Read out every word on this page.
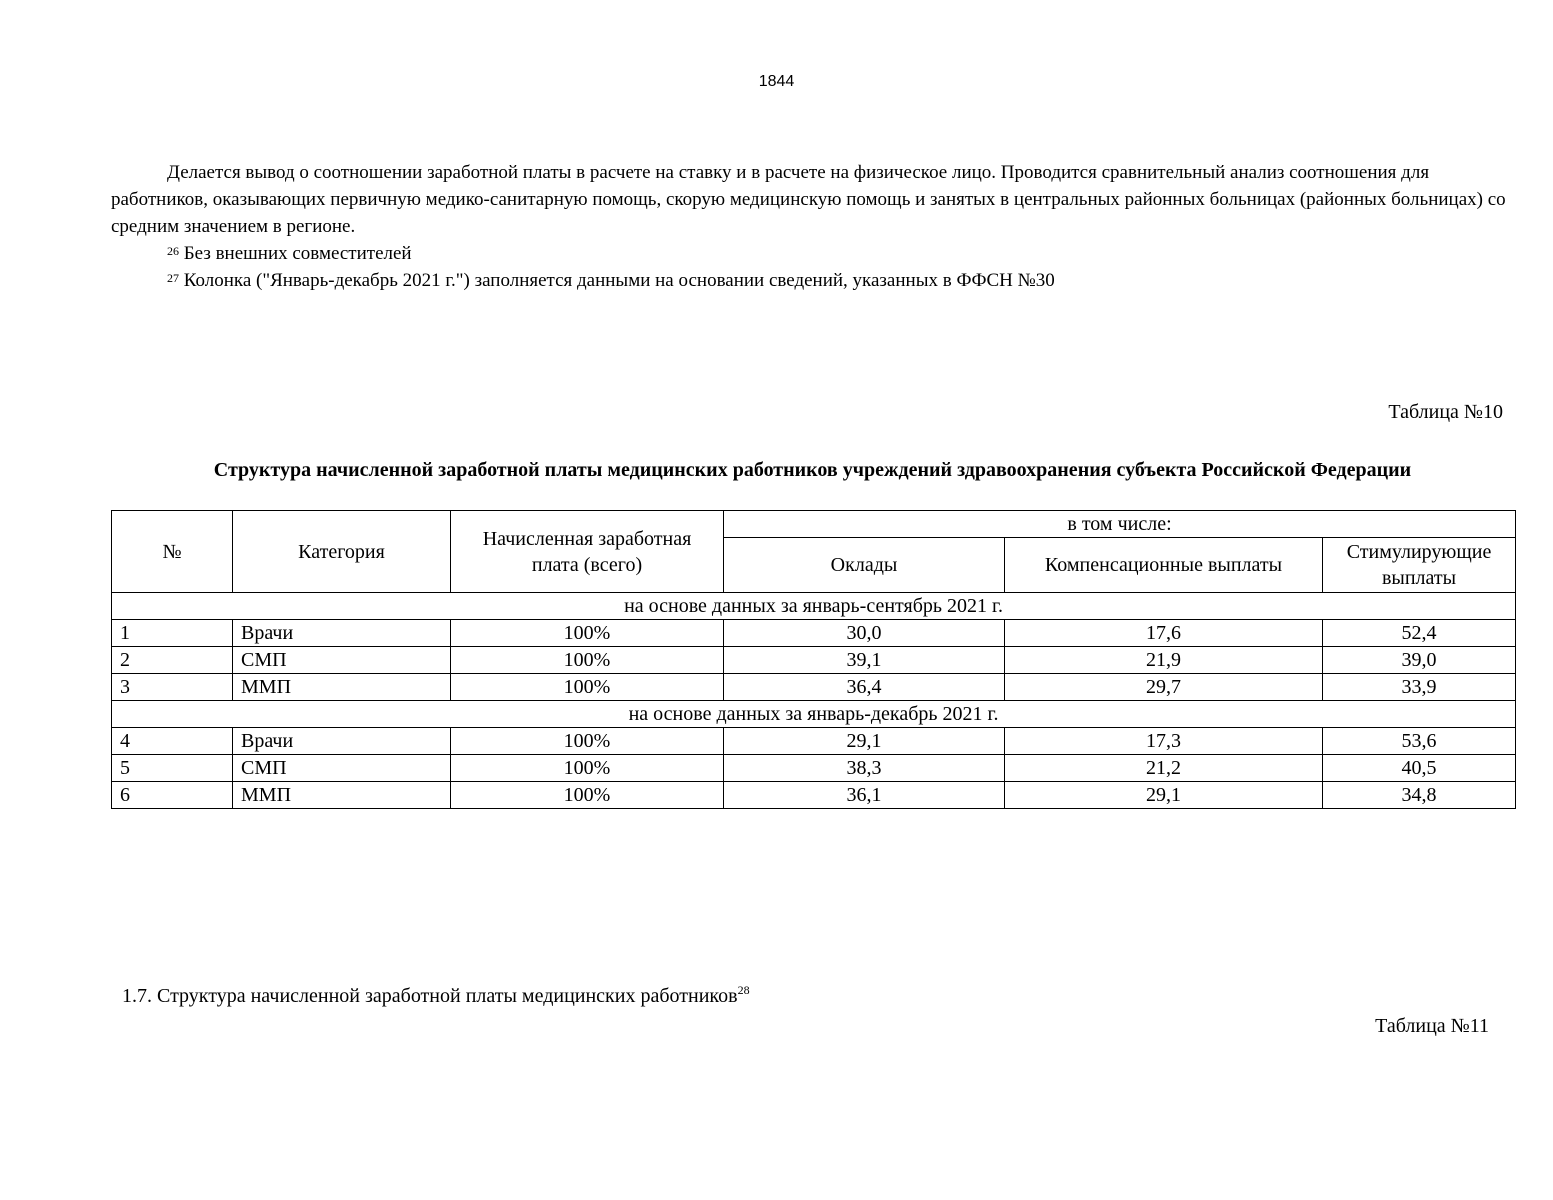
1844

Делается вывод о соотношении заработной платы в расчете на ставку и в расчете на физическое лицо. Проводится сравнительный анализ соотношения для работников, оказывающих первичную медико-санитарную помощь, скорую медицинскую помощь и занятых в центральных районных больницах (районных больницах) со средним значением в регионе.

$^{26}$ Без внешних совместителей

$^{27}$ Колонка ("Январь-декабрь 2021 г.") заполняется данными на основании сведений, указанных в ФФСН №30

Таблица №10
Структура начисленной заработной платы медицинских работников учреждений здравоохранения субъекта Российской Федерации
№	Категория	Начисленная заработная плата (всего)	в том числе:		
			Оклады	Компенсационные выплаты	Стимулирующие выплаты
на основе данных за январь-сентябрь 2021 г.					
1	Врачи	100%	30,0	17,6	52,4
2	СМП	100%	39,1	21,9	39,0
3	ММП	100%	36,4	29,7	33,9
на основе данных за январь-декабрь 2021 г.					
4	Врачи	100%	29,1	17,3	53,6
5	СМП	100%	38,3	21,2	40,5
6	ММП	100%	36,1	29,1	34,8
1.7. Структура начисленной заработной платы медицинских работников$^{28}$
Таблица №11
